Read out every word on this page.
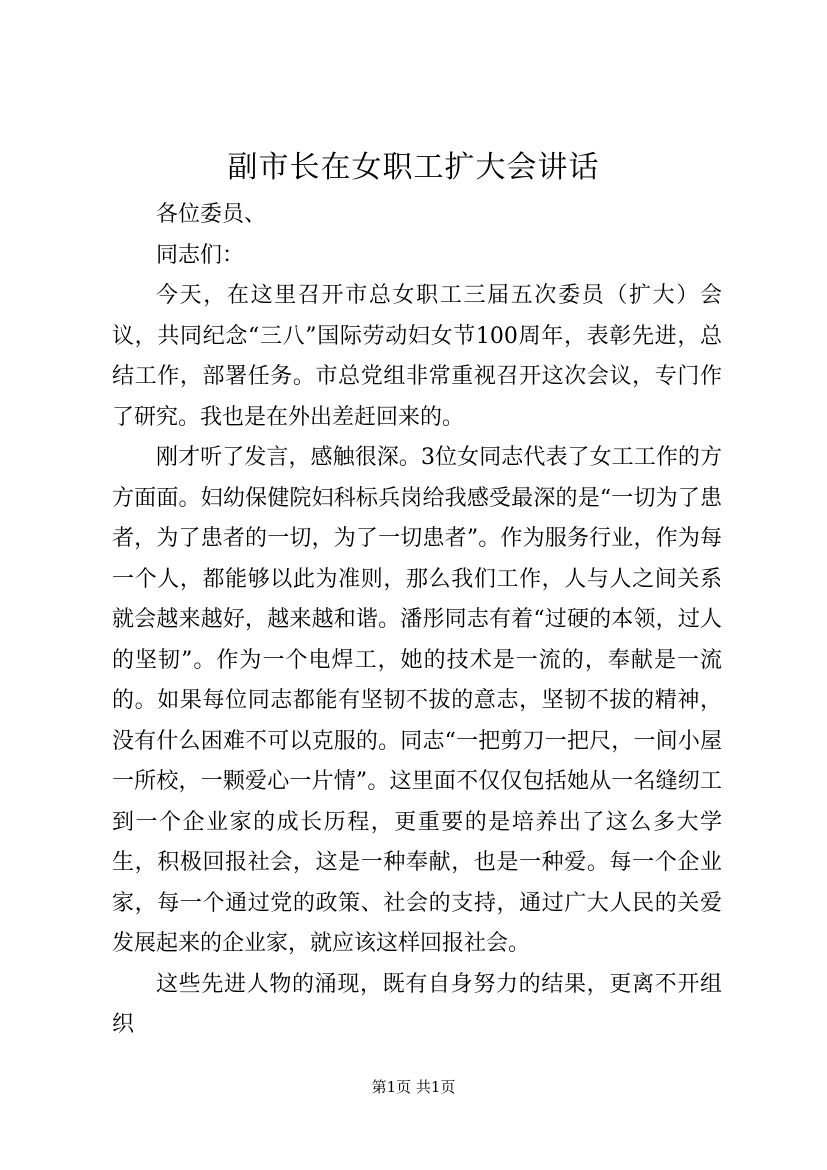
副市长在女职工扩大会讲话

各位委员、

同志们：

今天，在这里召开市总女职工三届五次委员（扩大）会议，共同纪念“三八”国际劳动妇女节100周年，表彰先进，总结工作，部署任务。市总党组非常重视召开这次会议，专门作了研究。我也是在外出差赶回来的。

刚才听了发言，感触很深。3位女同志代表了女工工作的方方面面。妇幼保健院妇科标兵岗给我感受最深的是“一切为了患者，为了患者的一切，为了一切患者”。作为服务行业，作为每一个人，都能够以此为准则，那么我们工作，人与人之间关系就会越来越好，越来越和谐。潘彤同志有着“过硬的本领，过人的坚韧”。作为一个电焊工，她的技术是一流的，奉献是一流的。如果每位同志都能有坚韧不拔的意志，坚韧不拔的精神，没有什么困难不可以克服的。同志“一把剪刀一把尺，一间小屋一所校，一颗爱心一片情”。这里面不仅仅包括她从一名缝纫工到一个企业家的成长历程，更重要的是培养出了这么多大学生，积极回报社会，这是一种奉献，也是一种爱。每一个企业家，每一个通过党的政策、社会的支持，通过广大人民的关爱发展起来的企业家，就应该这样回报社会。

这些先进人物的涌现，既有自身努力的结果，更离不开组织

第1页 共1页
